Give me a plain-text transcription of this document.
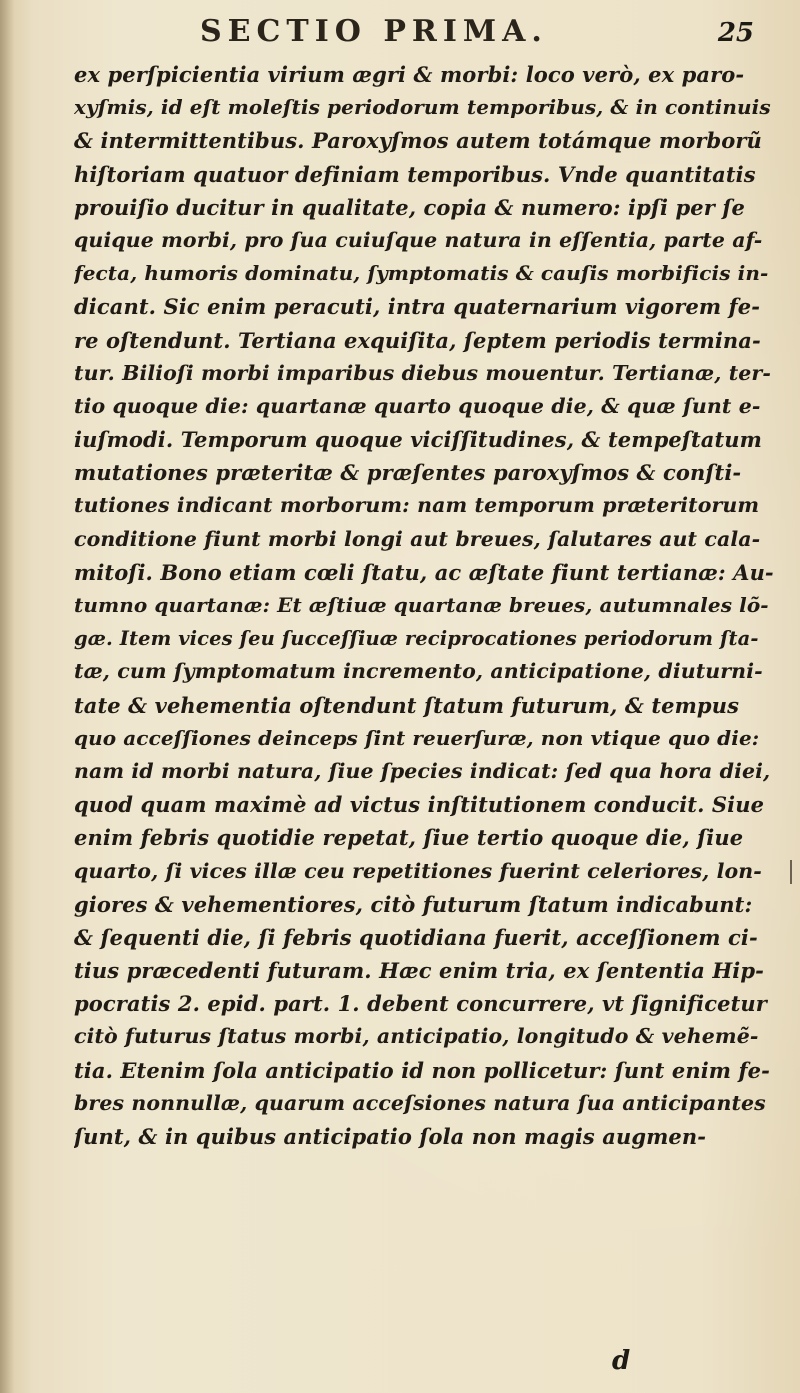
SECTIO PRIMA.	25
ex perſpicientia virium ægri & morbi: loco verò, ex paro-
xyſmis, id eſt moleſtis periodorum temporibus, & in continuis
& intermittentibus. Paroxyſmos autem totámque morborũ
hiſtoriam quatuor definiam temporibus. Vnde quantitatis
prouiſio ducitur in qualitate, copia & numero: ipſi per ſe
quique morbi, pro ſua cuiuſque natura in eſſentia, parte af-
fecta, humoris dominatu, ſymptomatis & cauſis morbificis in-
dicant. Sic enim peracuti, intra quaternarium vigorem fe-
re oſtendunt. Tertiana exquiſita, ſeptem periodis termina-
tur. Bilioſi morbi imparibus diebus mouentur. Tertianæ, ter-
tio quoque die: quartanæ quarto quoque die, & quæ ſunt e-
iuſmodi. Temporum quoque viciſſitudines, & tempeſtatum
mutationes præteritæ & præſentes paroxyſmos & conſti-
tutiones indicant morborum: nam temporum præteritorum
conditione fiunt morbi longi aut breues, ſalutares aut cala-
mitoſi. Bono etiam cœli ſtatu, ac æſtate fiunt tertianæ: Au-
tumno quartanæ: Et æſtiuæ quartanæ breues, autumnales lõ-
gæ. Item vices ſeu ſucceſſiuæ reciprocationes periodorum ſta-
tæ, cum ſymptomatum incremento, anticipatione, diuturni-
tate & vehementia oſtendunt ſtatum futurum, & tempus
quo acceſſiones deinceps ſint reuerſuræ, non vtique quo die:
nam id morbi natura, ſiue ſpecies indicat: ſed qua hora diei,
quod quam maximè ad victus inſtitutionem conducit. Siue
enim febris quotidie repetat, ſiue tertio quoque die, ſiue
quarto, ſi vices illæ ceu repetitiones fuerint celeriores, lon-
giores & vehementiores, citò futurum ſtatum indicabunt:
& ſequenti die, ſi febris quotidiana fuerit, acceſſionem ci-
tius præcedenti futuram. Hæc enim tria, ex ſententia Hip-
pocratis 2. epid. part. 1. debent concurrere, vt ſignificetur
citò futurus ſtatus morbi, anticipatio, longitudo & vehemẽ-
tia. Etenim ſola anticipatio id non pollicetur: ſunt enim fe-
bres nonnullæ, quarum acceſsiones natura ſua anticipantes
ſunt, & in quibus anticipatio ſola non magis augmen-
d
